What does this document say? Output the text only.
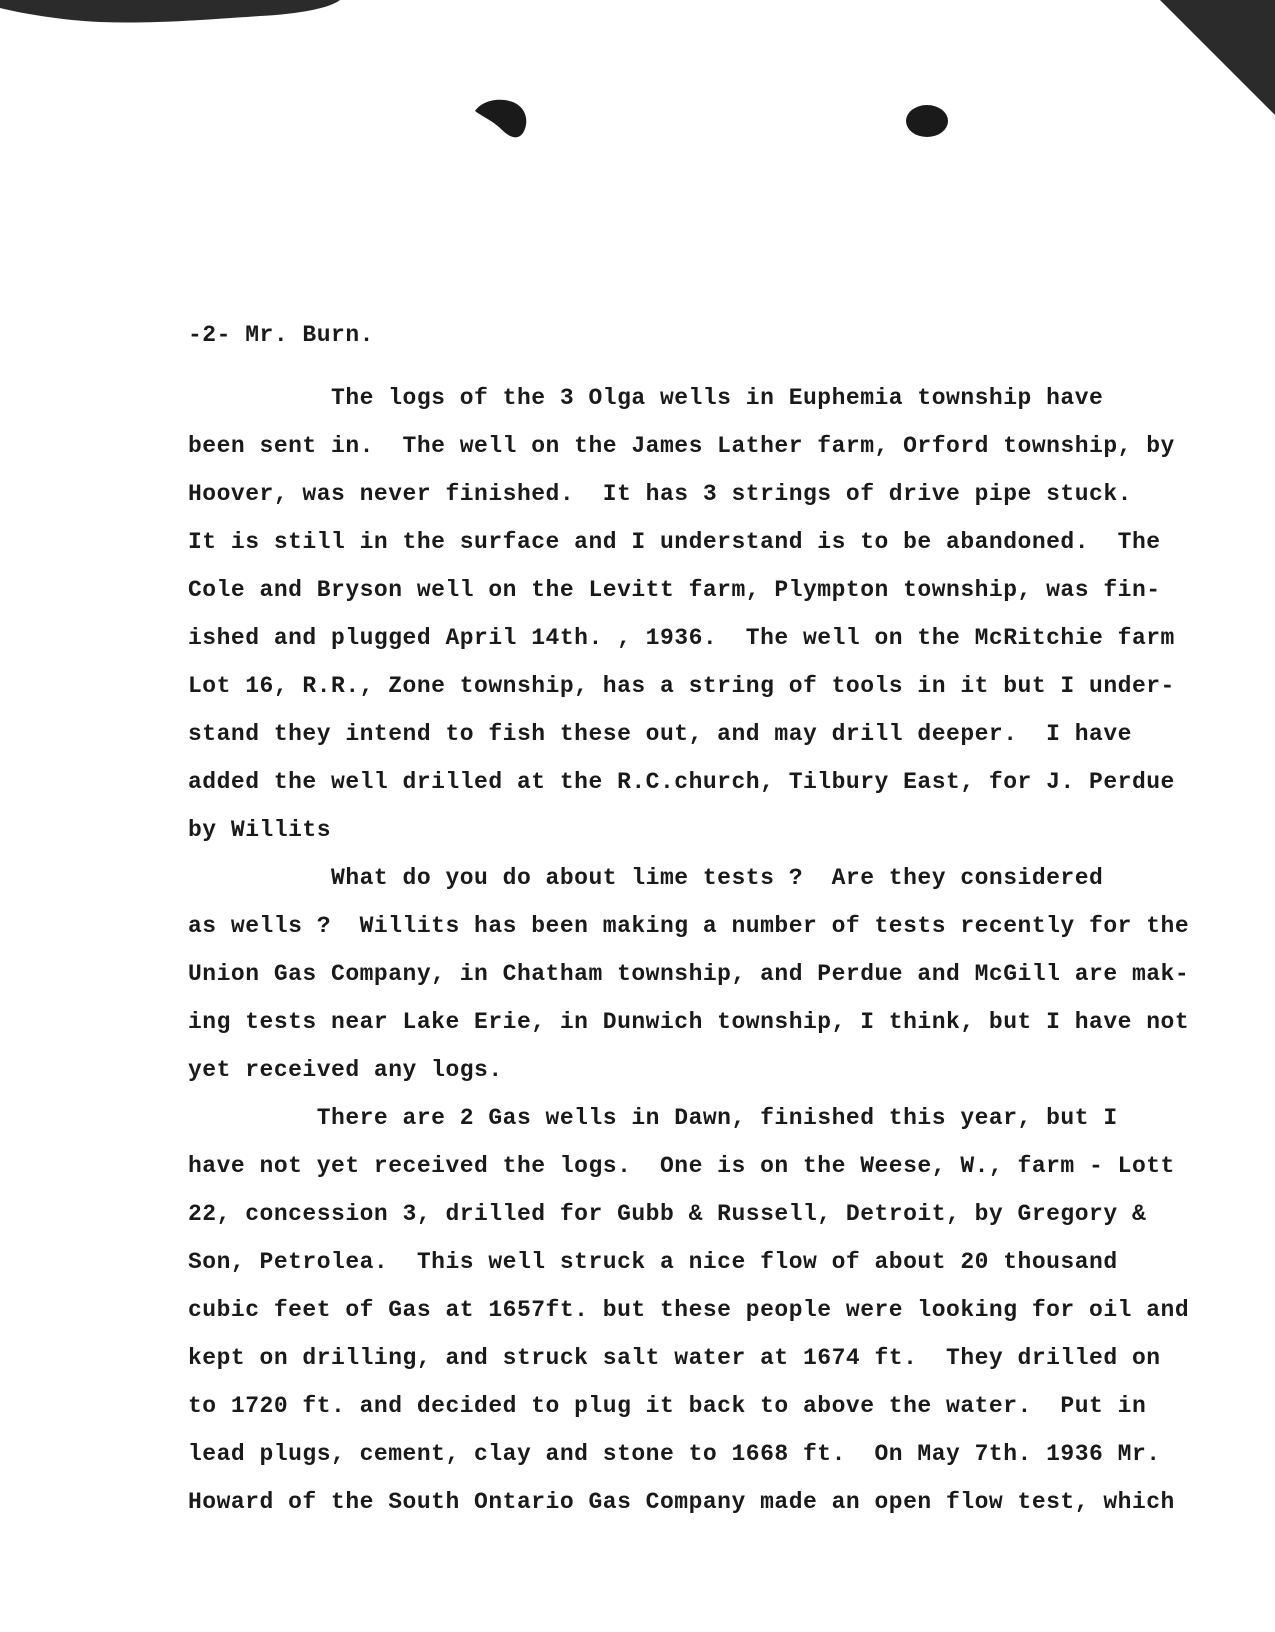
-2- Mr. Burn.
The logs of the 3 Olga wells in Euphemia township have
been sent in.  The well on the James Lather farm, Orford township, by
Hoover, was never finished.  It has 3 strings of drive pipe stuck.
It is still in the surface and I understand is to be abandoned.  The
Cole and Bryson well on the Levitt farm, Plympton township, was fin-
ished and plugged April 14th. , 1936.  The well on the McRitchie farm
Lot 16, R.R., Zone township, has a string of tools in it but I under-
stand they intend to fish these out, and may drill deeper.  I have
added the well drilled at the R.C.church, Tilbury East, for J. Perdue
by Willits
What do you do about lime tests ?  Are they considered
as wells ?  Willits has been making a number of tests recently for the
Union Gas Company, in Chatham township, and Perdue and McGill are mak-
ing tests near Lake Erie, in Dunwich township, I think, but I have not
yet received any logs.
There are 2 Gas wells in Dawn, finished this year, but I
have not yet received the logs.  One is on the Weese, W., farm - Lott
22, concession 3, drilled for Gubb & Russell, Detroit, by Gregory &
Son, Petrolea.  This well struck a nice flow of about 20 thousand
cubic feet of Gas at 1657ft. but these people were looking for oil and
kept on drilling, and struck salt water at 1674 ft.  They drilled on
to 1720 ft. and decided to plug it back to above the water.  Put in
lead plugs, cement, clay and stone to 1668 ft.  On May 7th. 1936 Mr.
Howard of the South Ontario Gas Company made an open flow test, which
